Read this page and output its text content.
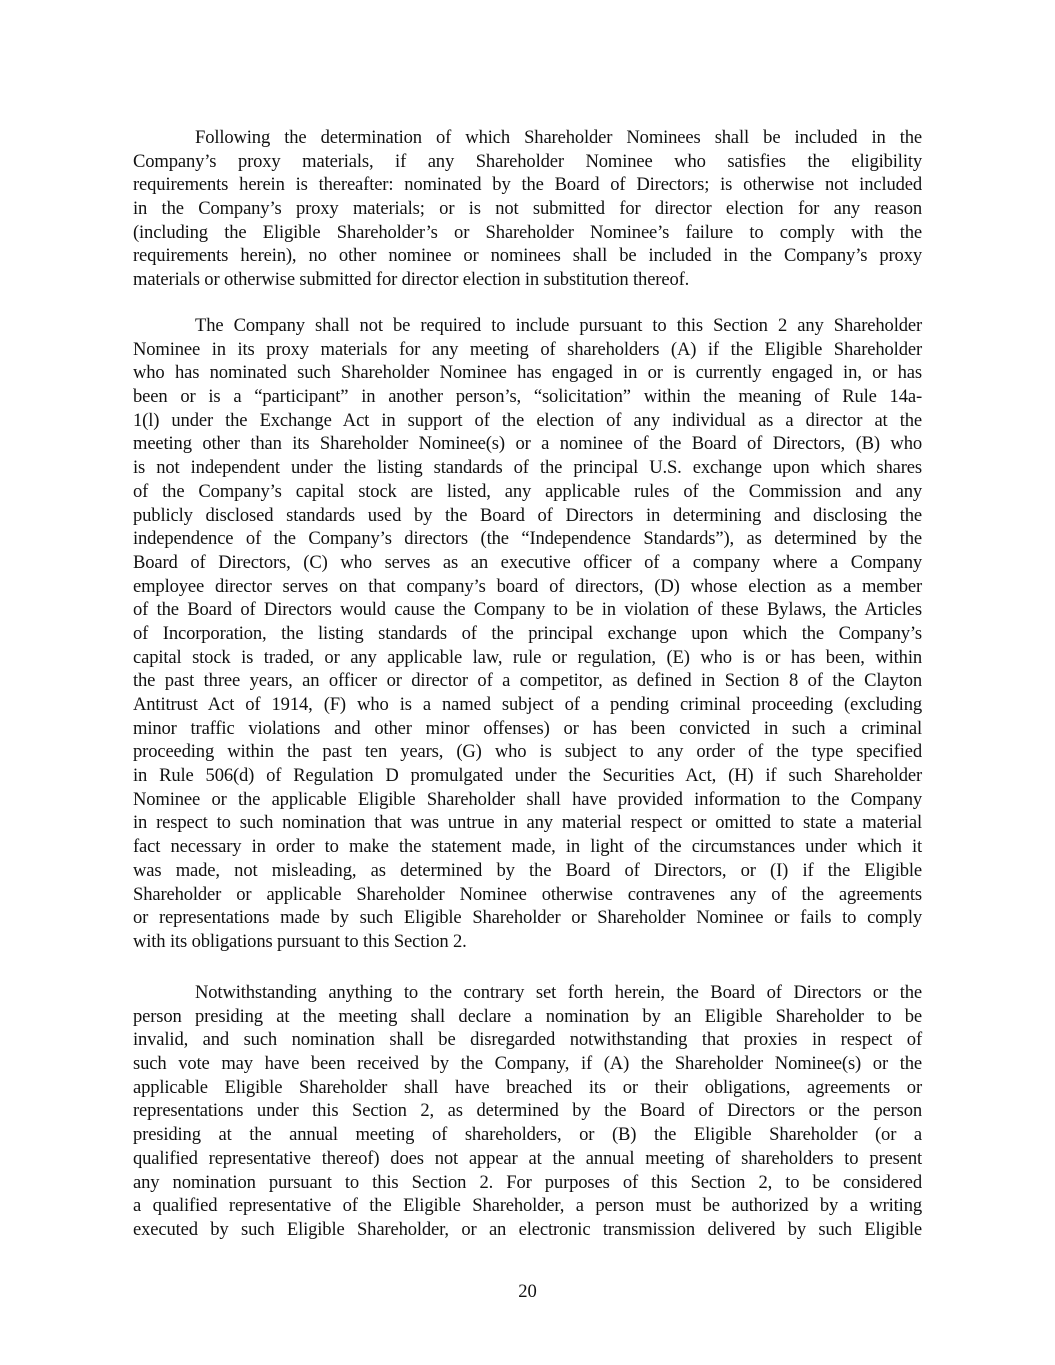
Following the determination of which Shareholder Nominees shall be included in the
Company’s proxy materials, if any Shareholder Nominee who satisfies the eligibility
requirements herein is thereafter: nominated by the Board of Directors; is otherwise not included
in the Company’s proxy materials; or is not submitted for director election for any reason
(including the Eligible Shareholder’s or Shareholder Nominee’s failure to comply with the
requirements herein), no other nominee or nominees shall be included in the Company’s proxy
materials or otherwise submitted for director election in substitution thereof.
The Company shall not be required to include pursuant to this Section 2 any Shareholder
Nominee in its proxy materials for any meeting of shareholders (A) if the Eligible Shareholder
who has nominated such Shareholder Nominee has engaged in or is currently engaged in, or has
been or is a “participant” in another person’s, “solicitation” within the meaning of Rule 14a-
1(l) under the Exchange Act in support of the election of any individual as a director at the
meeting other than its Shareholder Nominee(s) or a nominee of the Board of Directors, (B) who
is not independent under the listing standards of the principal U.S. exchange upon which shares
of the Company’s capital stock are listed, any applicable rules of the Commission and any
publicly disclosed standards used by the Board of Directors in determining and disclosing the
independence of the Company’s directors (the “Independence Standards”), as determined by the
Board of Directors, (C) who serves as an executive officer of a company where a Company
employee director serves on that company’s board of directors, (D) whose election as a member
of the Board of Directors would cause the Company to be in violation of these Bylaws, the Articles
of Incorporation, the listing standards of the principal exchange upon which the Company’s
capital stock is traded, or any applicable law, rule or regulation, (E) who is or has been, within
the past three years, an officer or director of a competitor, as defined in Section 8 of the Clayton
Antitrust Act of 1914, (F) who is a named subject of a pending criminal proceeding (excluding
minor traffic violations and other minor offenses) or has been convicted in such a criminal
proceeding within the past ten years, (G) who is subject to any order of the type specified
in Rule 506(d) of Regulation D promulgated under the Securities Act, (H) if such Shareholder
Nominee or the applicable Eligible Shareholder shall have provided information to the Company
in respect to such nomination that was untrue in any material respect or omitted to state a material
fact necessary in order to make the statement made, in light of the circumstances under which it
was made, not misleading, as determined by the Board of Directors, or (I) if the Eligible
Shareholder or applicable Shareholder Nominee otherwise contravenes any of the agreements
or representations made by such Eligible Shareholder or Shareholder Nominee or fails to comply
with its obligations pursuant to this Section 2.
Notwithstanding anything to the contrary set forth herein, the Board of Directors or the
person presiding at the meeting shall declare a nomination by an Eligible Shareholder to be
invalid, and such nomination shall be disregarded notwithstanding that proxies in respect of
such vote may have been received by the Company, if (A) the Shareholder Nominee(s) or the
applicable Eligible Shareholder shall have breached its or their obligations, agreements or
representations under this Section 2, as determined by the Board of Directors or the person
presiding at the annual meeting of shareholders, or (B) the Eligible Shareholder (or a
qualified representative thereof) does not appear at the annual meeting of shareholders to present
any nomination pursuant to this Section 2. For purposes of this Section 2, to be considered
a qualified representative of the Eligible Shareholder, a person must be authorized by a writing
executed by such Eligible Shareholder, or an electronic transmission delivered by such Eligible
20
